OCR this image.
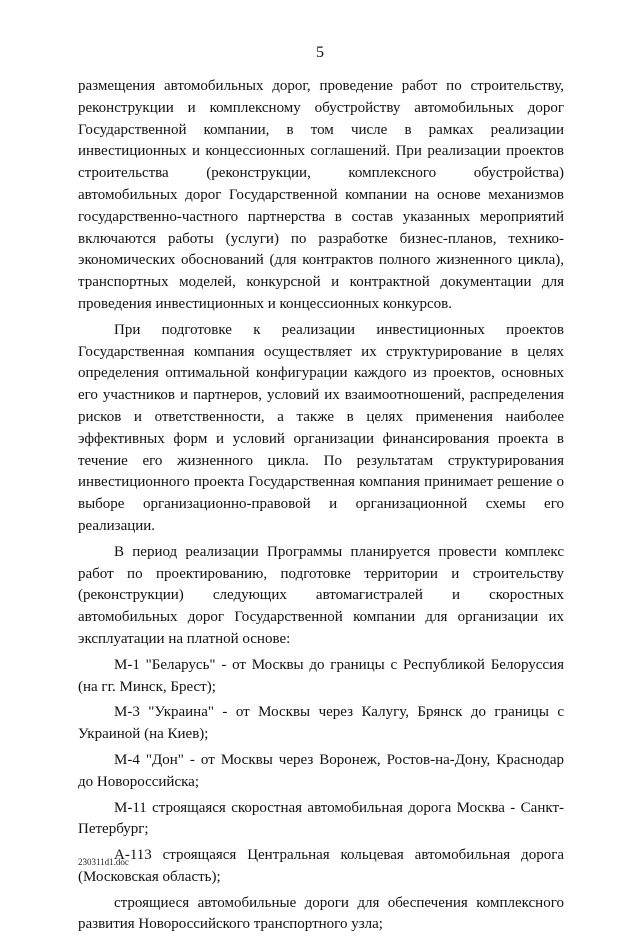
5

размещения автомобильных дорог, проведение работ по строительству, реконструкции и комплексному обустройству автомобильных дорог Государственной компании, в том числе в рамках реализации инвестиционных и концессионных соглашений. При реализации проектов строительства (реконструкции, комплексного обустройства) автомобильных дорог Государственной компании на основе механизмов государственно-частного партнерства в состав указанных мероприятий включаются работы (услуги) по разработке бизнес-планов, технико-экономических обоснований (для контрактов полного жизненного цикла), транспортных моделей, конкурсной и контрактной документации для проведения инвестиционных и концессионных конкурсов.

При подготовке к реализации инвестиционных проектов Государственная компания осуществляет их структурирование в целях определения оптимальной конфигурации каждого из проектов, основных его участников и партнеров, условий их взаимоотношений, распределения рисков и ответственности, а также в целях применения наиболее эффективных форм и условий организации финансирования проекта в течение его жизненного цикла. По результатам структурирования инвестиционного проекта Государственная компания принимает решение о выборе организационно-правовой и организационной схемы его реализации.

В период реализации Программы планируется провести комплекс работ по проектированию, подготовке территории и строительству (реконструкции) следующих автомагистралей и скоростных автомобильных дорог Государственной компании для организации их эксплуатации на платной основе:

М-1 "Беларусь" - от Москвы до границы с Республикой Белоруссия (на гг. Минск, Брест);

М-3 "Украина" - от Москвы через Калугу, Брянск до границы с Украиной (на Киев);

М-4 "Дон" - от Москвы через Воронеж, Ростов-на-Дону, Краснодар до Новороссийска;

М-11 строящаяся скоростная автомобильная дорога Москва - Санкт-Петербург;

А-113 строящаяся Центральная кольцевая автомобильная дорога (Московская область);

строящиеся автомобильные дороги для обеспечения комплексного развития Новороссийского транспортного узла;

230311d1.doc
